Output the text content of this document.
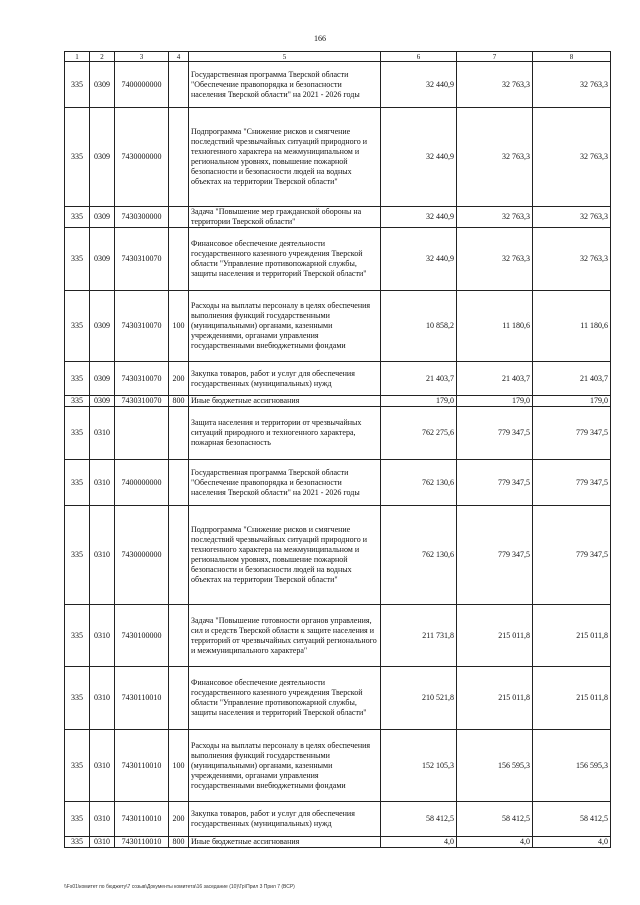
166
1	2	3	4	5	6	7	8
335	0309	7400000000		Государственная программа Тверской области "Обеспечение правопорядка и безопасности населения Тверской области" на 2021 - 2026 годы	32 440,9	32 763,3	32 763,3
335	0309	7430000000		Подпрограмма "Снижение рисков и смягчение последствий чрезвычайных ситуаций природного и техногенного характера на межмуниципальном и региональном уровнях, повышение пожарной безопасности и безопасности людей на водных объектах на территории Тверской области"	32 440,9	32 763,3	32 763,3
335	0309	7430300000		Задача "Повышение мер гражданской обороны на территории Тверской области"	32 440,9	32 763,3	32 763,3
335	0309	7430310070		Финансовое обеспечение деятельности государственного казенного учреждения Тверской области "Управление противопожарной службы, защиты населения и территорий Тверской области"	32 440,9	32 763,3	32 763,3
335	0309	7430310070	100	Расходы на выплаты персоналу в целях обеспечения выполнения функций государственными (муниципальными) органами, казенными учреждениями, органами управления государственными внебюджетными фондами	10 858,2	11 180,6	11 180,6
335	0309	7430310070	200	Закупка товаров, работ и услуг для обеспечения государственных (муниципальных) нужд	21 403,7	21 403,7	21 403,7
335	0309	7430310070	800	Иные бюджетные ассигнования	179,0	179,0	179,0
335	0310			Защита населения и территории от чрезвычайных ситуаций природного и техногенного характера, пожарная безопасность	762 275,6	779 347,5	779 347,5
335	0310	7400000000		Государственная программа Тверской области "Обеспечение правопорядка и безопасности населения Тверской области" на 2021 - 2026 годы	762 130,6	779 347,5	779 347,5
335	0310	7430000000		Подпрограмма "Снижение рисков и смягчение последствий чрезвычайных ситуаций природного и техногенного характера на межмуниципальном и региональном уровнях, повышение пожарной безопасности и безопасности людей на водных объектах на территории Тверской области"	762 130,6	779 347,5	779 347,5
335	0310	7430100000		Задача "Повышение готовности органов управления, сил и средств Тверской области к защите населения и территорий от чрезвычайных ситуаций регионального и межмуниципального характера"	211 731,8	215 011,8	215 011,8
335	0310	7430110010		Финансовое обеспечение деятельности государственного казенного учреждения Тверской области "Управление противопожарной службы, защиты населения и территорий Тверской области"	210 521,8	215 011,8	215 011,8
335	0310	7430110010	100	Расходы на выплаты персоналу в целях обеспечения выполнения функций государственными (муниципальными) органами, казенными учреждениями, органами управления государственными внебюджетными фондами	152 105,3	156 595,3	156 595,3
335	0310	7430110010	200	Закупка товаров, работ и услуг для обеспечения государственных (муниципальных) нужд	58 412,5	58 412,5	58 412,5
335	0310	7430110010	800	Иные бюджетные ассигнования	4,0	4,0	4,0
\\Fs01\комитет по бюджету\7 созыв\Документы комитета\16 заседание (10)\Гр\Прил 3 Прил 7 (ВСР)
